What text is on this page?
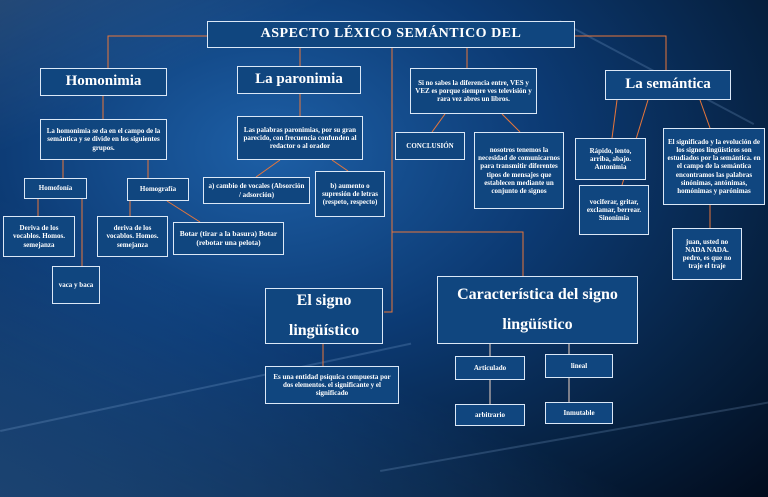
ASPECTO LÉXICO SEMÁNTICO DEL
Homonimia
La homonimia se da en el campo de la semántica y se divide en los siguientes grupos.
Homofonía	Homografía
Deriva de los vocablos. Homos. semejanza
deriva de los vocablos. Homos. semejanza
vaca y baca
Botar (tirar a la basura) Botar (rebotar una pelota)
La paronimia
Las palabras paronimias, por su gran parecido, con frecuencia confunden al redactor o al orador
a) cambio de vocales (Absorción / adsorción)
b) aumento o supresión de letras (respeto, respecto)
Si no sabes la diferencia entre, VES y VEZ es porque siempre ves televisión y rara vez abres un libros.
CONCLUSIÓN
nosotros tenemos la necesidad de comunicarnos para transmitir diferentes tipos de mensajes que establecen mediante un conjunto de signos
La semántica
Rápido, lento, arriba, abajo. Antonimia
vociferar, gritar, exclamar, berrear. Sinonimia
El significado y la evolución de los signos lingüísticos son estudiados por la semántica. en el campo de la semántica encontramos las palabras sinónimas, antónimas, homónimas y parónimas
juan, usted no NADA NADA. pedro, es que no traje el traje
El signo lingüístico
Es una entidad psíquica compuesta por dos elementos. el significante y el significado
Característica del signo lingüístico
Articulado	lineal
arbitrario	Inmutable
